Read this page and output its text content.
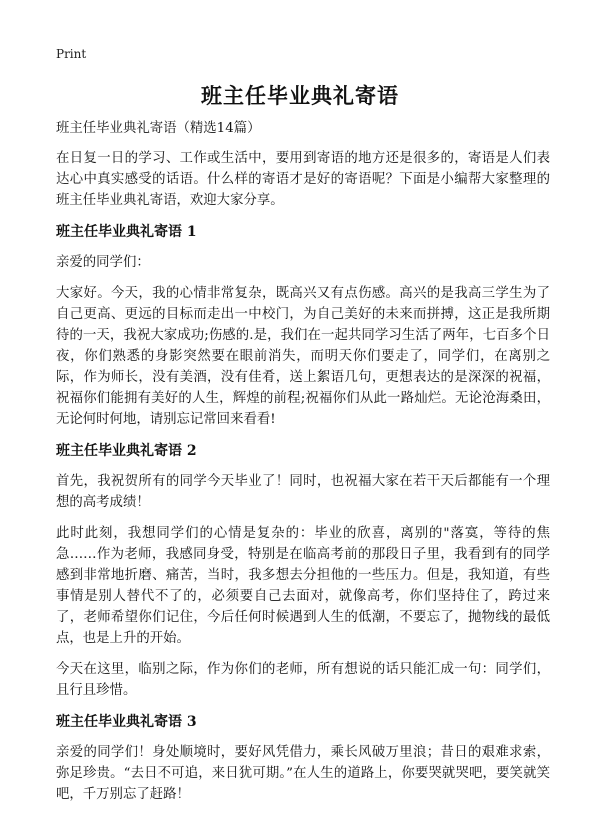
Print
班主任毕业典礼寄语

班主任毕业典礼寄语（精选14篇）

在日复一日的学习、工作或生活中，要用到寄语的地方还是很多的，寄语是人们表达心中真实感受的话语。什么样的寄语才是好的寄语呢？下面是小编帮大家整理的班主任毕业典礼寄语，欢迎大家分享。

班主任毕业典礼寄语 1

亲爱的同学们：

大家好。今天，我的心情非常复杂，既高兴又有点伤感。高兴的是我高三学生为了自己更高、更远的目标而走出一中校门，为自己美好的未来而拼搏，这正是我所期待的一天，我祝大家成功;伤感的.是，我们在一起共同学习生活了两年，七百多个日夜，你们熟悉的身影突然要在眼前消失，而明天你们要走了，同学们，在离别之际，作为师长，没有美酒，没有佳肴，送上絮语几句，更想表达的是深深的祝福，祝福你们能拥有美好的人生，辉煌的前程;祝福你们从此一路灿烂。无论沧海桑田，无论何时何地，请别忘记常回来看看!

班主任毕业典礼寄语 2

首先，我祝贺所有的同学今天毕业了！同时，也祝福大家在若干天后都能有一个理想的高考成绩！

此时此刻，我想同学们的心情是复杂的：毕业的欣喜，离别的"落寞，等待的焦急……作为老师，我感同身受，特别是在临高考前的那段日子里，我看到有的同学感到非常地折磨、痛苦，当时，我多想去分担他的一些压力。但是，我知道，有些事情是别人替代不了的，必须要自己去面对，就像高考，你们坚持住了，跨过来了，老师希望你们记住，今后任何时候遇到人生的低潮，不要忘了，抛物线的最低点，也是上升的开始。

今天在这里，临别之际，作为你们的老师，所有想说的话只能汇成一句：同学们，且行且珍惜。

班主任毕业典礼寄语 3

亲爱的同学们！身处顺境时，要好风凭借力，乘长风破万里浪；昔日的艰难求索，弥足珍贵。“去日不可追，来日犹可期。”在人生的道路上，你要哭就哭吧，要笑就笑吧，千万别忘了赶路！
